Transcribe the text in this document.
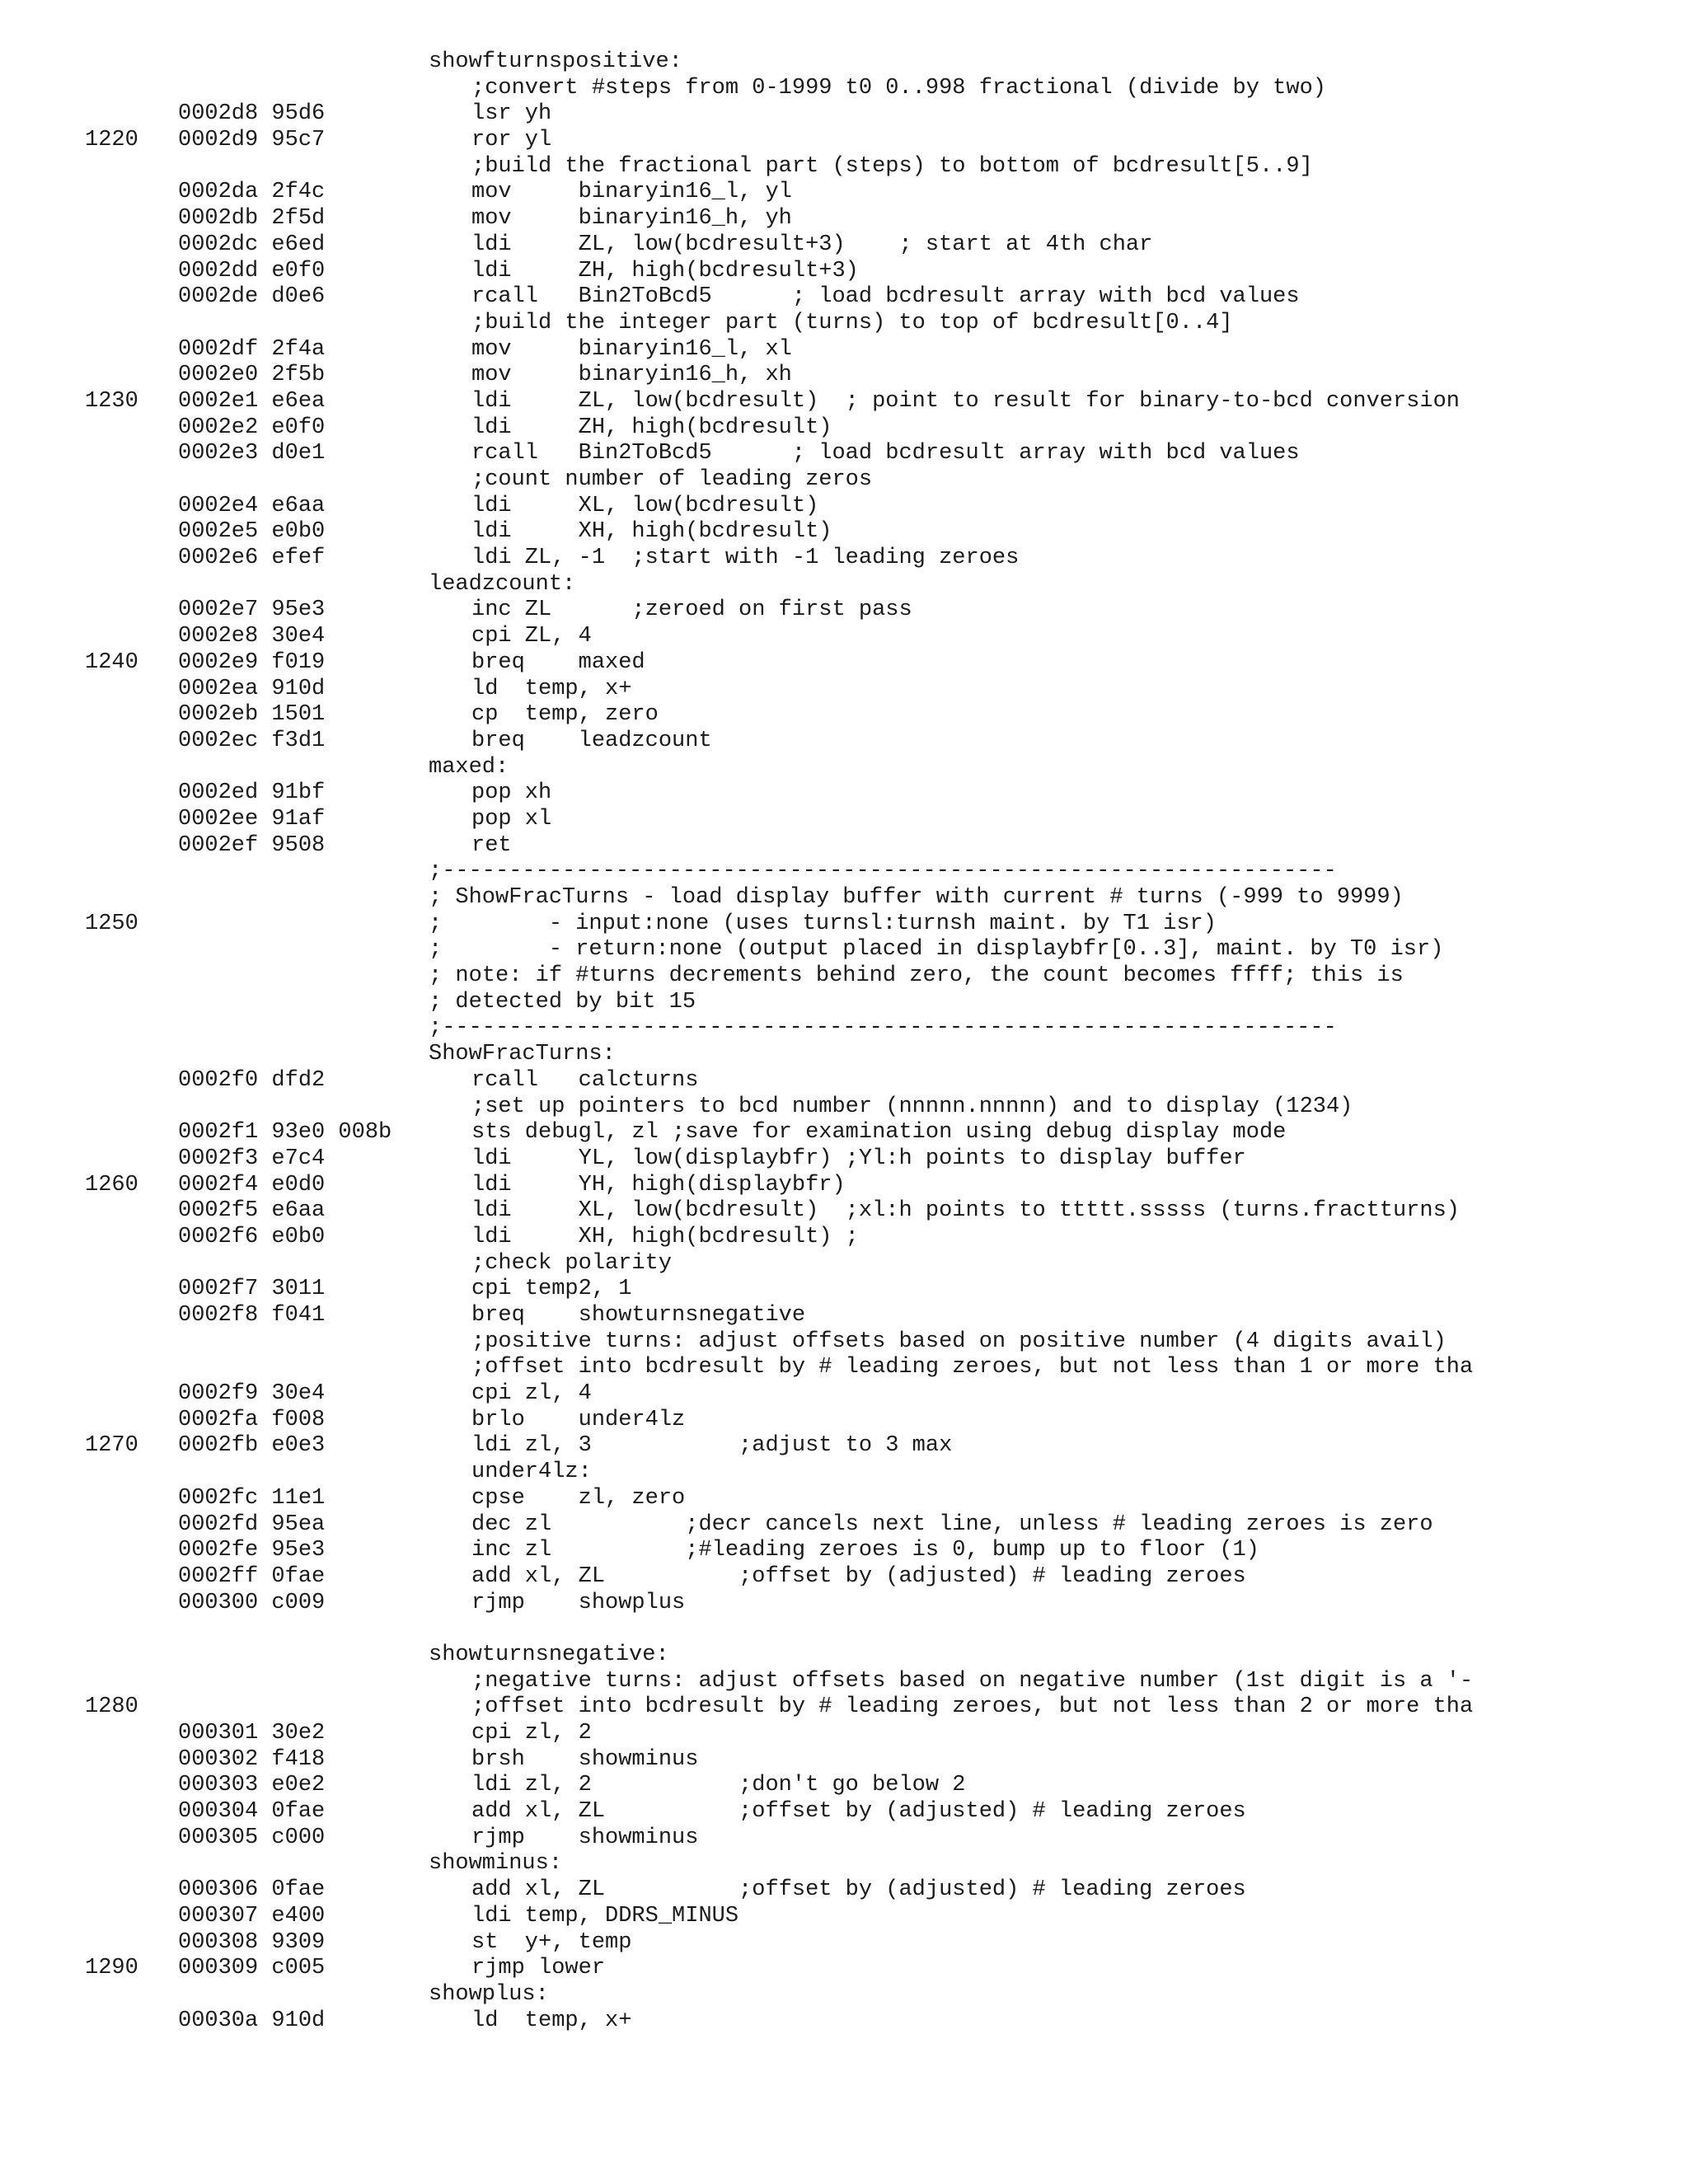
showfturnspositive:
;convert #steps from 0-1999 t0 0..998 fractional (divide by two)
0002d8 95d6	lsr yh
1220 0002d9 95c7	ror yl
;build the fractional part (steps) to bottom of bcdresult[5..9]
0002da 2f4c	mov     binaryin16_l, yl
0002db 2f5d	mov     binaryin16_h, yh
0002dc e6ed	ldi     ZL, low(bcdresult+3)    ; start at 4th char
0002dd e0f0	ldi     ZH, high(bcdresult+3)
0002de d0e6	rcall   Bin2ToBcd5      ; load bcdresult array with bcd values
;build the integer part (turns) to top of bcdresult[0..4]
0002df 2f4a	mov     binaryin16_l, xl
0002e0 2f5b	mov     binaryin16_h, xh
1230 0002e1 e6ea	ldi     ZL, low(bcdresult)  ; point to result for binary-to-bcd conversion
0002e2 e0f0	ldi     ZH, high(bcdresult)
0002e3 d0e1	rcall   Bin2ToBcd5      ; load bcdresult array with bcd values
;count number of leading zeros
0002e4 e6aa	ldi     XL, low(bcdresult)
0002e5 e0b0	ldi     XH, high(bcdresult)
0002e6 efef	ldi ZL, -1  ;start with -1 leading zeroes
leadzcount:
0002e7 95e3	inc ZL      ;zeroed on first pass
0002e8 30e4	cpi ZL, 4
1240 0002e9 f019	breq    maxed
0002ea 910d	ld  temp, x+
0002eb 1501	cp  temp, zero
0002ec f3d1	breq    leadzcount
maxed:
0002ed 91bf	pop xh
0002ee 91af	pop xl
0002ef 9508	ret
;-------------------------------------------------------------------
; ShowFracTurns - load display buffer with current # turns (-999 to 9999)
1250	;        - input:none (uses turnsl:turnsh maint. by T1 isr)
;        - return:none (output placed in displaybfr[0..3], maint. by T0 isr)
; note: if #turns decrements behind zero, the count becomes ffff; this is
; detected by bit 15
;-------------------------------------------------------------------
ShowFracTurns:
0002f0 dfd2	rcall   calcturns
;set up pointers to bcd number (nnnnn.nnnnn) and to display (1234)
0002f1 93e0 008b	sts debugl, zl ;save for examination using debug display mode
0002f3 e7c4	ldi     YL, low(displaybfr) ;Yl:h points to display buffer
1260 0002f4 e0d0	ldi     YH, high(displaybfr)
0002f5 e6aa	ldi     XL, low(bcdresult)  ;xl:h points to ttttt.sssss (turns.fractturns)
0002f6 e0b0	ldi     XH, high(bcdresult) ;
;check polarity
0002f7 3011	cpi temp2, 1
0002f8 f041	breq    showturnsnegative
;positive turns: adjust offsets based on positive number (4 digits avail)
;offset into bcdresult by # leading zeroes, but not less than 1 or more tha
0002f9 30e4	cpi zl, 4
0002fa f008	brlo    under4lz
1270 0002fb e0e3	ldi zl, 3           ;adjust to 3 max
under4lz:
0002fc 11e1	cpse    zl, zero
0002fd 95ea	dec zl          ;decr cancels next line, unless # leading zeroes is zero
0002fe 95e3	inc zl          ;#leading zeroes is 0, bump up to floor (1)
0002ff 0fae	add xl, ZL          ;offset by (adjusted) # leading zeroes
000300 c009	rjmp    showplus
showturnsnegative:
;negative turns: adjust offsets based on negative number (1st digit is a '-
1280	;offset into bcdresult by # leading zeroes, but not less than 2 or more tha
000301 30e2	cpi zl, 2
000302 f418	brsh    showminus
000303 e0e2	ldi zl, 2           ;don't go below 2
000304 0fae	add xl, ZL          ;offset by (adjusted) # leading zeroes
000305 c000	rjmp    showminus
showminus:
000306 0fae	add xl, ZL          ;offset by (adjusted) # leading zeroes
000307 e400	ldi temp, DDRS_MINUS
000308 9309	st  y+, temp
1290 000309 c005	rjmp lower
showplus:
00030a 910d	ld  temp, x+
